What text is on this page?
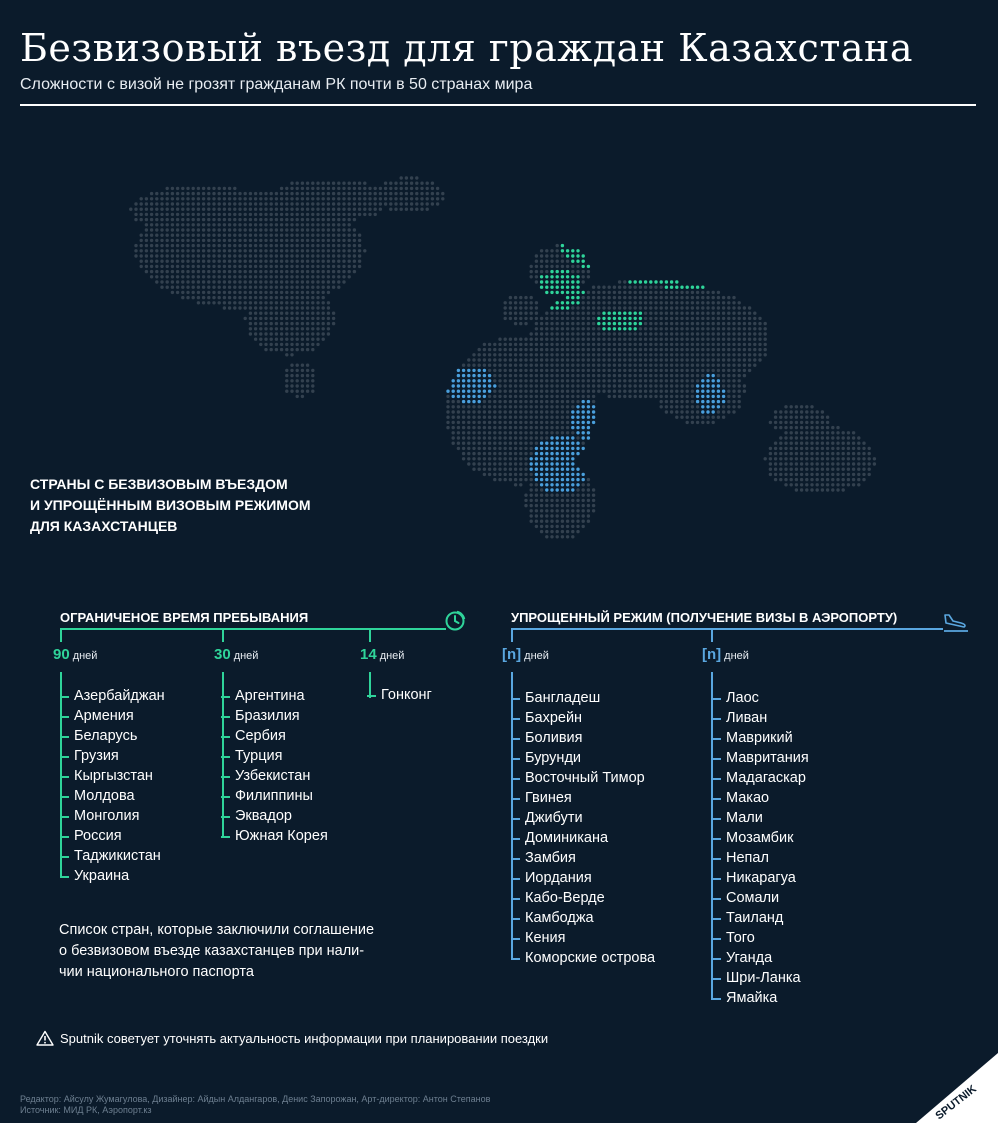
Безвизовый въезд для граждан Казахстана
Сложности с визой не грозят гражданам РК почти в 50 странах мира
СТРАНЫ С БЕЗВИЗОВЫМ ВЪЕЗДОМ
И УПРОЩЁННЫМ ВИЗОВЫМ РЕЖИМОМ
ДЛЯ КАЗАХСТАНЦЕВ
ОГРАНИЧЕНОЕ ВРЕМЯ ПРЕБЫВАНИЯ
90 дней
Азербайджан
Армения
Беларусь
Грузия
Кыргызстан
Молдова
Монголия
Россия
Таджикистан
Украина
30 дней
Аргентина
Бразилия
Сербия
Турция
Узбекистан
Филиппины
Эквадор
Южная Корея
14 дней
Гонконг
УПРОЩЕННЫЙ РЕЖИМ (ПОЛУЧЕНИЕ ВИЗЫ В АЭРОПОРТУ)
[n] дней
Бангладеш
Бахрейн
Боливия
Бурунди
Восточный Тимор
Гвинея
Джибути
Доминикана
Замбия
Иордания
Кабо-Верде
Камбоджа
Кения
Коморские острова
[n] дней
Лаос
Ливан
Маврикий
Мавритания
Мадагаскар
Макао
Мали
Мозамбик
Непал
Никарагуа
Сомали
Таиланд
Того
Уганда
Шри-Ланка
Ямайка
Список стран, которые заключили соглашение
о безвизовом въезде казахстанцев при нали-
чии национального паспорта
Sputnik советует уточнять актуальность информации при планировании поездки
Редактор: Айсулу Жумагулова, Дизайнер: Айдын Алдангаров, Денис Запорожан, Арт-директор: Антон Степанов
Источник: МИД РК, Аэропорт.кз	SPUTNIK
